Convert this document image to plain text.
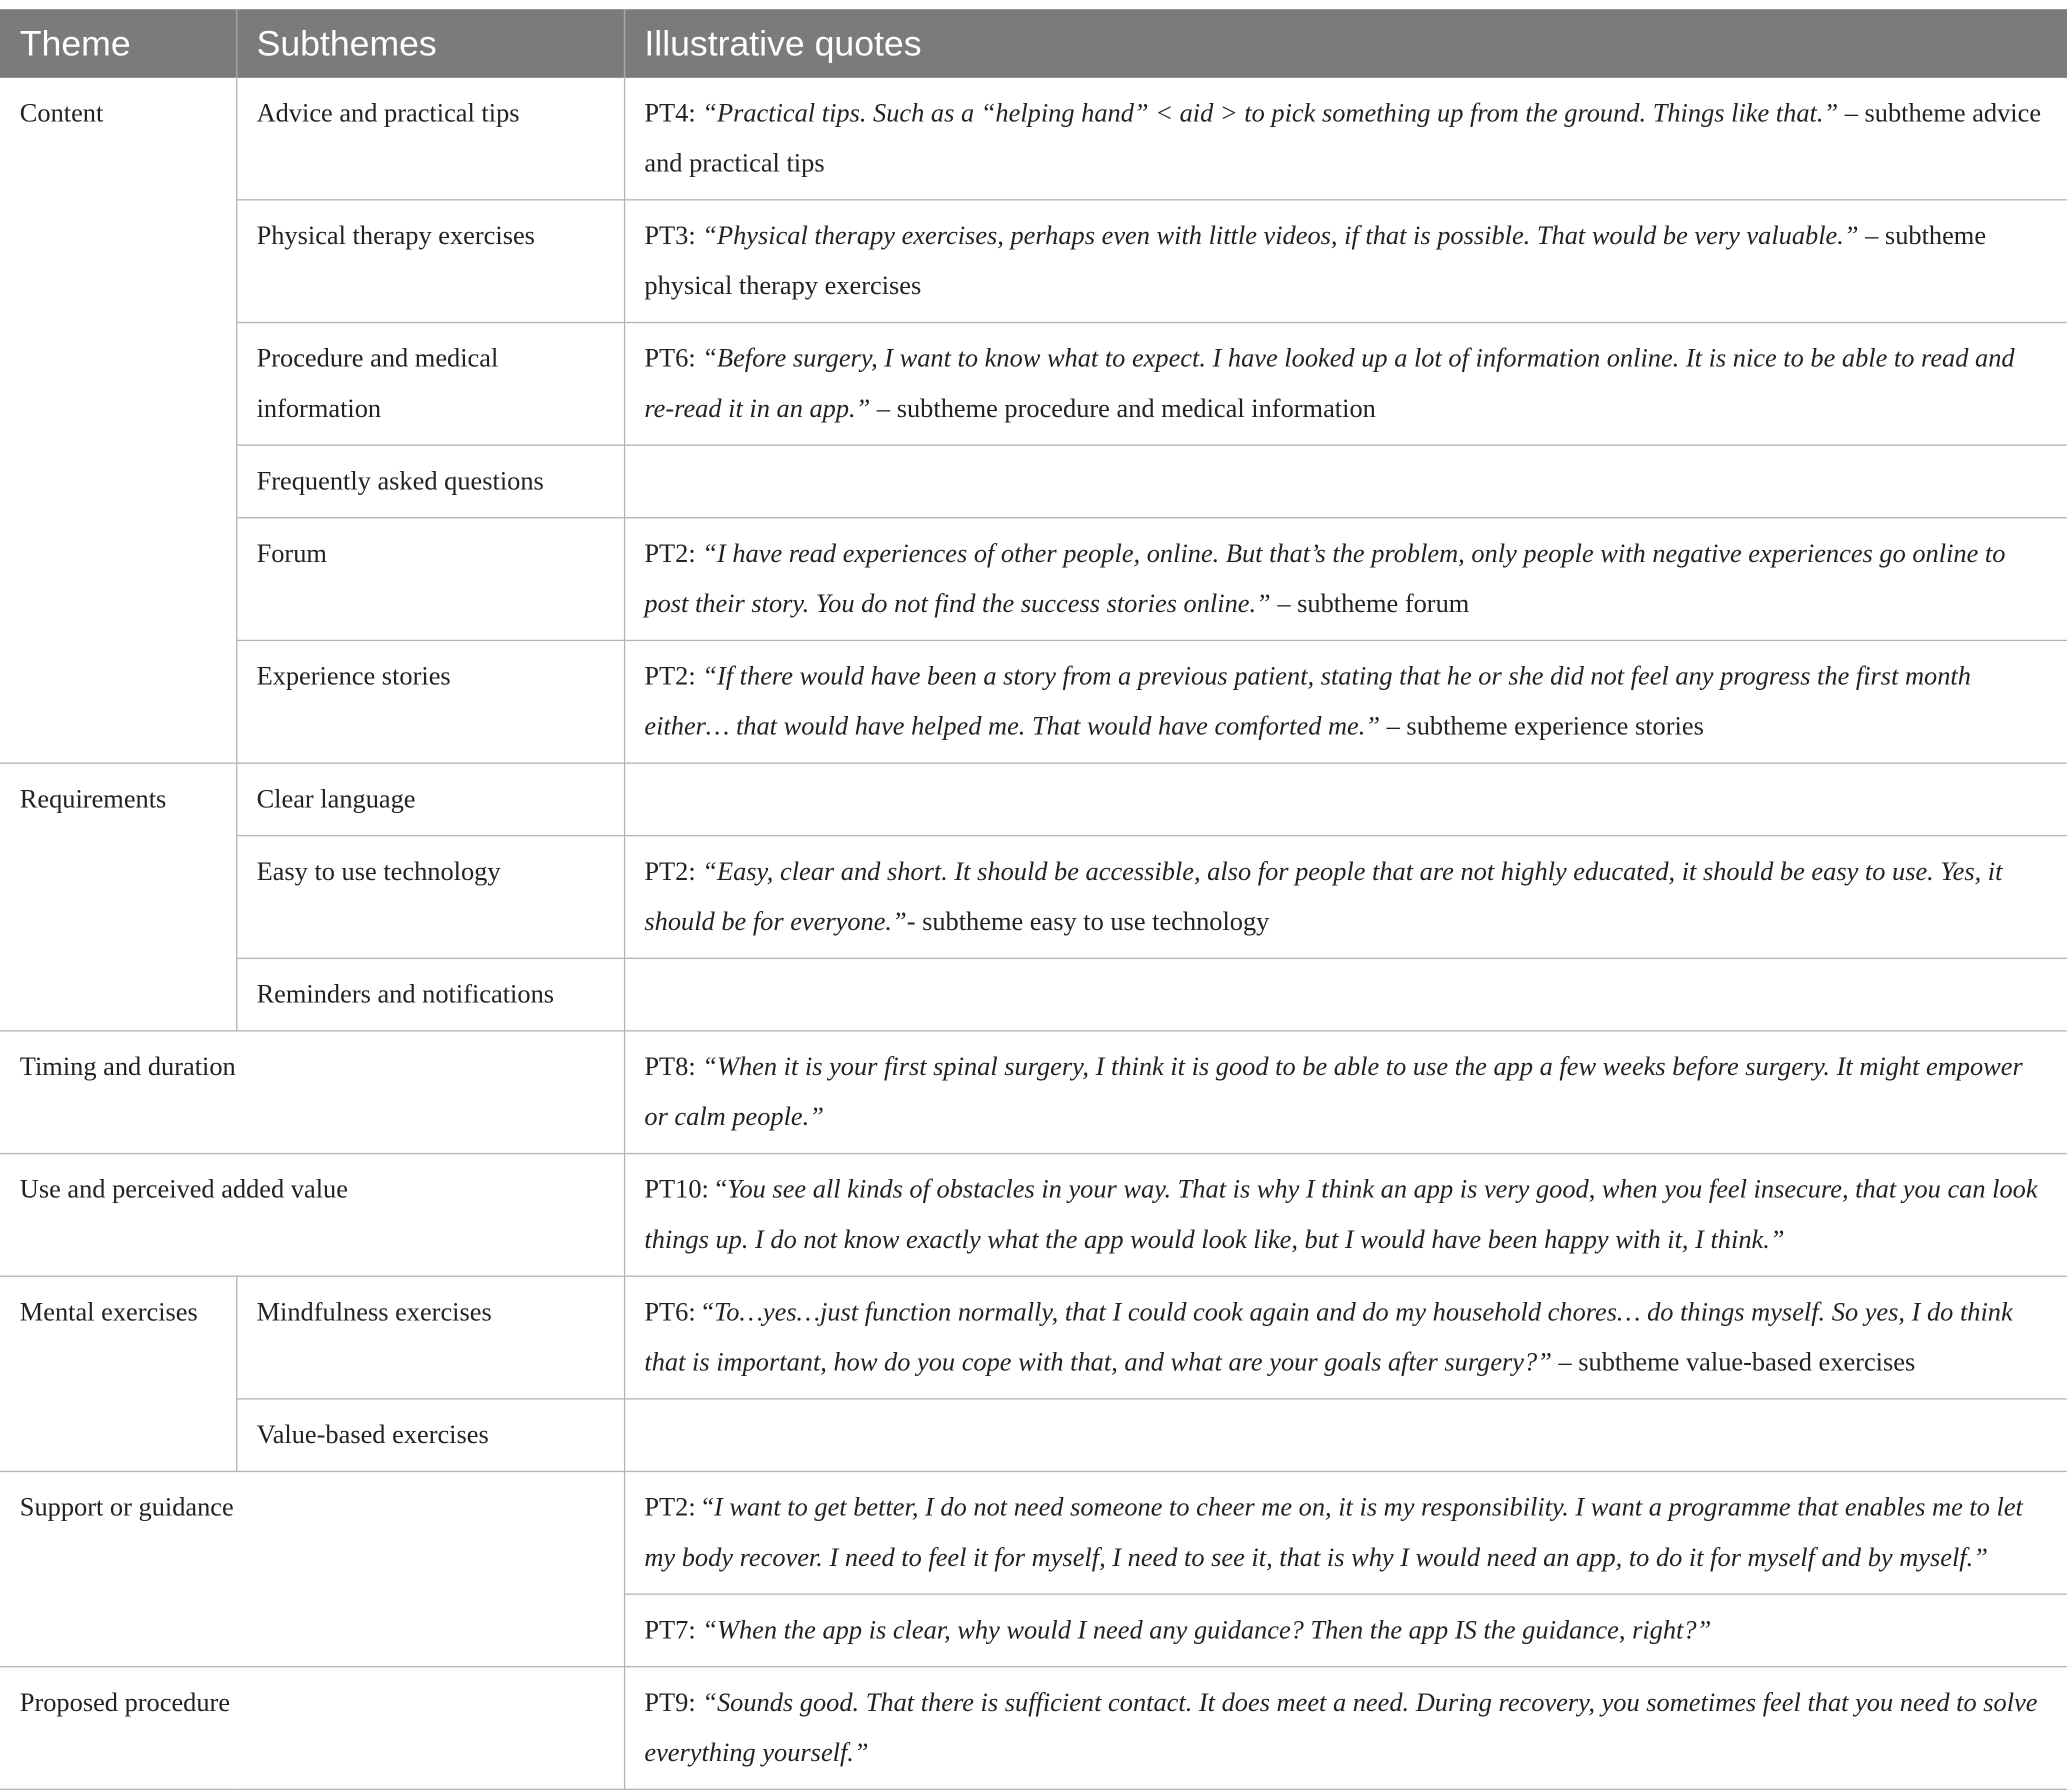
Theme	Subthemes	Illustrative quotes
Content	Advice and practical tips	PT4: “Practical tips. Such as a “helping hand” < aid > to pick something up from the ground. Things like that.” – subtheme advice and practical tips
	Physical therapy exercises	PT3: “Physical therapy exercises, perhaps even with little videos, if that is possible. That would be very valuable.” – subtheme physical therapy exercises
	Procedure and medical information	PT6: “Before surgery, I want to know what to expect. I have looked up a lot of information online. It is nice to be able to read and re-read it in an app.” – subtheme procedure and medical information
	Frequently asked questions	
	Forum	PT2: “I have read experiences of other people, online. But that’s the problem, only people with negative experiences go online to post their story. You do not find the success stories online.” – subtheme forum
	Experience stories	PT2: “If there would have been a story from a previous patient, stating that he or she did not feel any progress the first month either… that would have helped me. That would have comforted me.” – subtheme experience stories
Requirements	Clear language	
	Easy to use technology	PT2: “Easy, clear and short. It should be accessible, also for people that are not highly educated, it should be easy to use. Yes, it should be for everyone.”- subtheme easy to use technology
	Reminders and notifications	
Timing and duration		PT8: “When it is your first spinal surgery, I think it is good to be able to use the app a few weeks before surgery. It might empower or calm people.”
Use and perceived added value		PT10: “You see all kinds of obstacles in your way. That is why I think an app is very good, when you feel insecure, that you can look things up. I do not know exactly what the app would look like, but I would have been happy with it, I think.”
Mental exercises	Mindfulness exercises	PT6: “To…yes…just function normally, that I could cook again and do my household chores… do things myself. So yes, I do think that is important, how do you cope with that, and what are your goals after surgery?” – subtheme value-based exercises
	Value-based exercises	
Support or guidance		PT2: “I want to get better, I do not need someone to cheer me on, it is my responsibility. I want a programme that enables me to let my body recover. I need to feel it for myself, I need to see it, that is why I would need an app, to do it for myself and by myself.”
		PT7: “When the app is clear, why would I need any guidance? Then the app IS the guidance, right?”
Proposed procedure		PT9: “Sounds good. That there is sufficient contact. It does meet a need. During recovery, you sometimes feel that you need to solve everything yourself.”
